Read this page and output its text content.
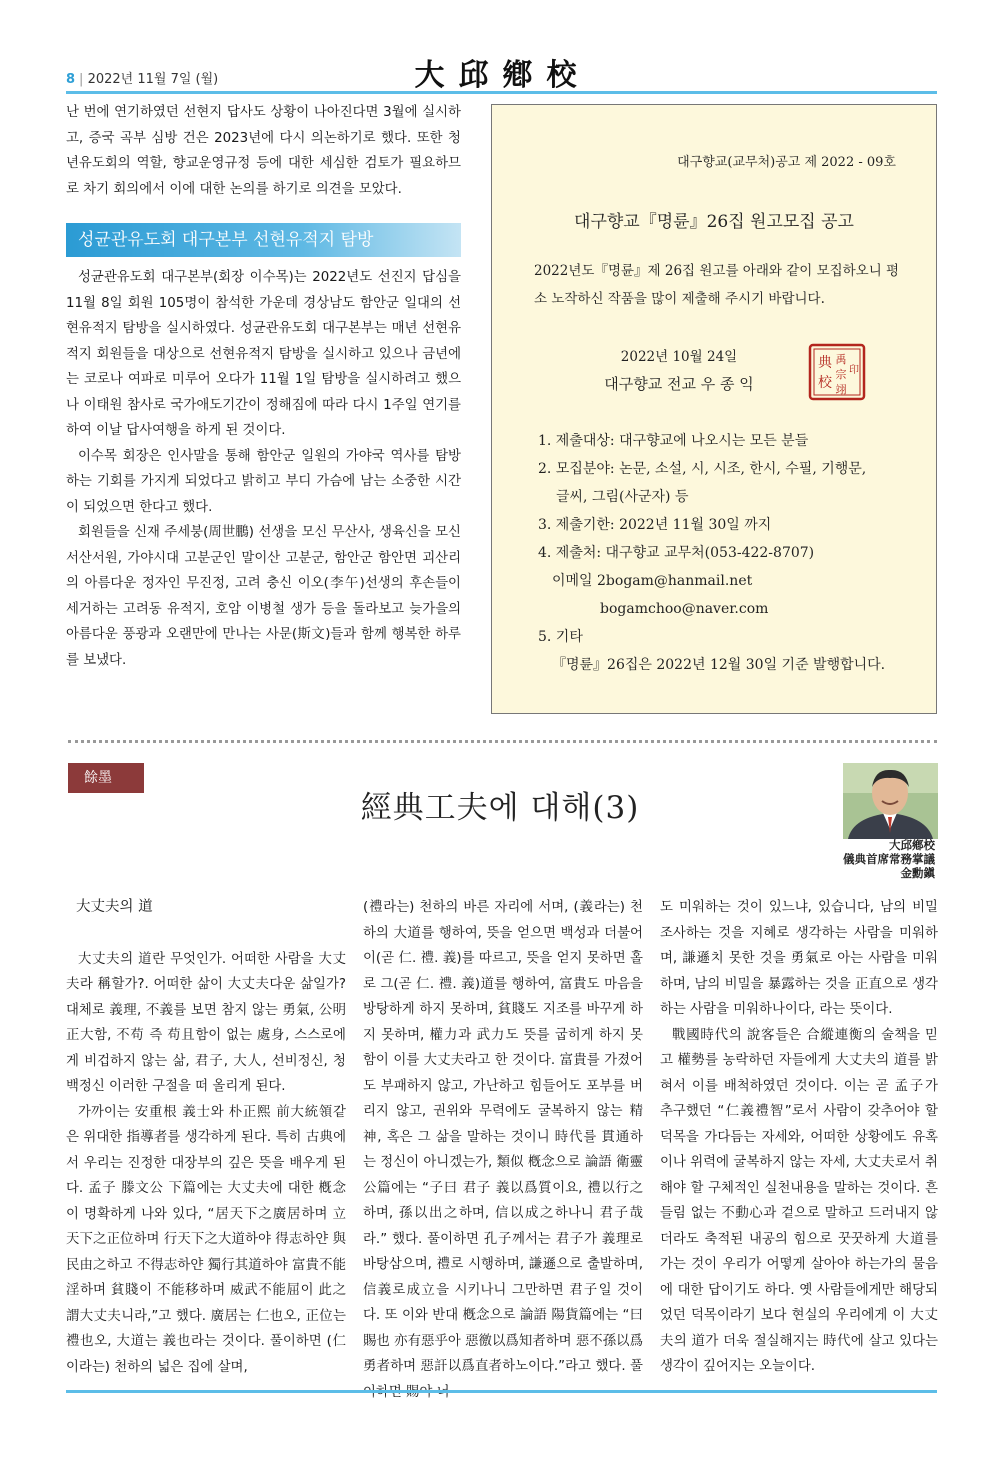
8 | 2022년 11월 7일 (월)	大邱鄕校

난 번에 연기하였던 선현지 답사도 상황이 나아진다면 3월에 실시하고, 증국 곡부 심방 건은 2023년에 다시 의논하기로 했다. 또한 청년유도회의 역할, 향교운영규정 등에 대한 세심한 검토가 필요하므로 차기 회의에서 이에 대한 논의를 하기로 의견을 모았다.

성균관유도회 대구본부 선현유적지 탐방

성균관유도회 대구본부(회장 이수목)는 2022년도 선진지 답심을 11월 8일 회원 105명이 참석한 가운데 경상남도 함안군 일대의 선현유적지 탐방을 실시하였다. 성균관유도회 대구본부는 매년 선현유적지 회원들을 대상으로 선현유적지 탐방을 실시하고 있으나 금년에는 코로나 여파로 미루어 오다가 11월 1일 탐방을 실시하려고 했으나 이태원 참사로 국가애도기간이 정해짐에 따라 다시 1주일 연기를 하여 이날 답사여행을 하게 된 것이다.

이수목 회장은 인사말을 통해 함안군 일원의 가야국 역사를 탐방하는 기회를 가지게 되었다고 밝히고 부디 가슴에 남는 소중한 시간이 되었으면 한다고 했다.

회원들을 신재 주세붕(周世鵬) 선생을 모신 무산사, 생육신을 모신 서산서원, 가야시대 고분군인 말이산 고분군, 함안군 함안면 괴산리의 아름다운 정자인 무진정, 고려 충신 이오(李午)선생의 후손들이 세거하는 고려동 유적지, 호암 이병철 생가 등을 돌라보고 늦가을의 아름다운 풍광과 오랜만에 만나는 사문(斯文)들과 함께 행복한 하루를 보냈다.

대구향교(교무처)공고 제 2022 - 09호
대구향교『명륜』26집 원고모집 공고
2022년도『명륜』제 26집 원고를 아래와 같이 모집하오니 평소 노작하신 작품을 많이 제출해 주시기 바랍니다.
2022년 10월 24일
대구향교 전교 우 종 익
典
校
禹
宗
翊
印
1. 제출대상: 대구향교에 나오시는 모든 분들
2. 모집분야: 논문, 소설, 시, 시조, 한시, 수필, 기행문,
글씨, 그림(사군자) 등
3. 제출기한: 2022년 11월 30일 까지
4. 제출처: 대구향교 교무처(053-422-8707)
이메일 2bogam@hanmail.net
bogamchoo@naver.com
5. 기타
『명륜』26집은 2022년 12월 30일 기준 발행합니다.
餘墨
經典工夫에 대해(3)
大邱鄕校
儀典首席常務掌議
金勳鎭

大丈夫의 道

大丈夫의 道란 무엇인가. 어떠한 사람을 大丈夫라 稱할가?. 어떠한 삶이 大丈夫다운 삶일가? 대체로 義理, 不義를 보면 참지 않는 勇氣, 公明正大함, 不苟 즉 苟且함이 없는 處身, 스스로에게 비겁하지 않는 삶, 君子, 大人, 선비정신, 청백정신 이러한 구절을 떠 올리게 된다.

가까이는 安重根 義士와 朴正熙 前大統領같은 위대한 指導者를 생각하게 된다. 특히 古典에서 우리는 진정한 대장부의 깊은 뜻을 배우게 된다. 孟子 滕文公 下篇에는 大丈夫에 대한 槪念이 명확하게 나와 있다, “居天下之廣居하며 立天下之正位하며 行天下之大道하야 得志하얀 與民由之하고 不得志하얀 獨行其道하야 富貴不能淫하며 貧賤이 不能移하며 威武不能屈이 此之謂大丈夫니라,”고 했다. 廣居는 仁也오, 正位는 禮也오, 大道는 義也라는 것이다. 풀이하면 (仁이라는) 천하의 넓은 집에 살며,

(禮라는) 천하의 바른 자리에 서며, (義라는) 천하의 大道를 행하여, 뜻을 얻으면 백성과 더불어 이(곧 仁. 禮. 義)를 따르고, 뜻을 얻지 못하면 홀로 그(곧 仁. 禮. 義)道를 행하여, 富貴도 마음을 방탕하게 하지 못하며, 貧賤도 지조를 바꾸게 하지 못하며, 權力과 武力도 뜻를 굽히게 하지 못함이 이를 大丈夫라고 한 것이다. 富貴를 가졌어도 부패하지 않고, 가난하고 힘들어도 포부를 버리지 않고, 권위와 무력에도 굴복하지 않는 精神, 혹은 그 삶을 말하는 것이니 時代를 貫通하는 정신이 아니겠는가, 類似 槪念으로 論語 衛靈公篇에는 “子曰 君子 義以爲質이요, 禮以行之하며, 孫以出之하며, 信以成之하나니 君子哉라.” 했다. 풀이하면 孔子께서는 君子가 義理로 바탕삼으며, 禮로 시행하며, 謙遜으로 출발하며, 信義로成立을 시키나니 그만하면 君子일 것이다. 또 이와 반대 槪念으로 論語 陽貨篇에는 “曰 賜也 亦有惡乎아 惡徼以爲知者하며 惡不孫以爲勇者하며 惡訐以爲直者하노이다.”라고 했다. 풀이하면 賜야 너

도 미워하는 것이 있느냐, 있습니다, 남의 비밀 조사하는 것을 지혜로 생각하는 사람을 미워하며, 謙遜치 못한 것을 勇氣로 아는 사람을 미워하며, 남의 비밀을 暴露하는 것을 正直으로 생각하는 사람을 미워하나이다, 라는 뜻이다.

戰國時代의 說客들은 合縱連衡의 술책을 믿고 權勢를 농락하던 자들에게 大丈夫의 道를 밝혀서 이를 배척하였던 것이다. 이는 곧 孟子가 추구했던 “仁義禮智”로서 사람이 갖추어야 할 덕목을 가다듬는 자세와, 어떠한 상황에도 유혹이나 위력에 굴복하지 않는 자세, 大丈夫로서 취해야 할 구체적인 실천내용을 말하는 것이다. 흔들림 없는 不動心과 겉으로 말하고 드러내지 않더라도 축적된 내공의 힘으로 꿋꿋하게 大道를 가는 것이 우리가 어떻게 살아야 하는가의 물음에 대한 답이기도 하다. 옛 사람들에게만 해당되었던 덕목이라기 보다 현실의 우리에게 이 大丈夫의 道가 더욱 절실해지는 時代에 살고 있다는 생각이 깊어지는 오늘이다.
